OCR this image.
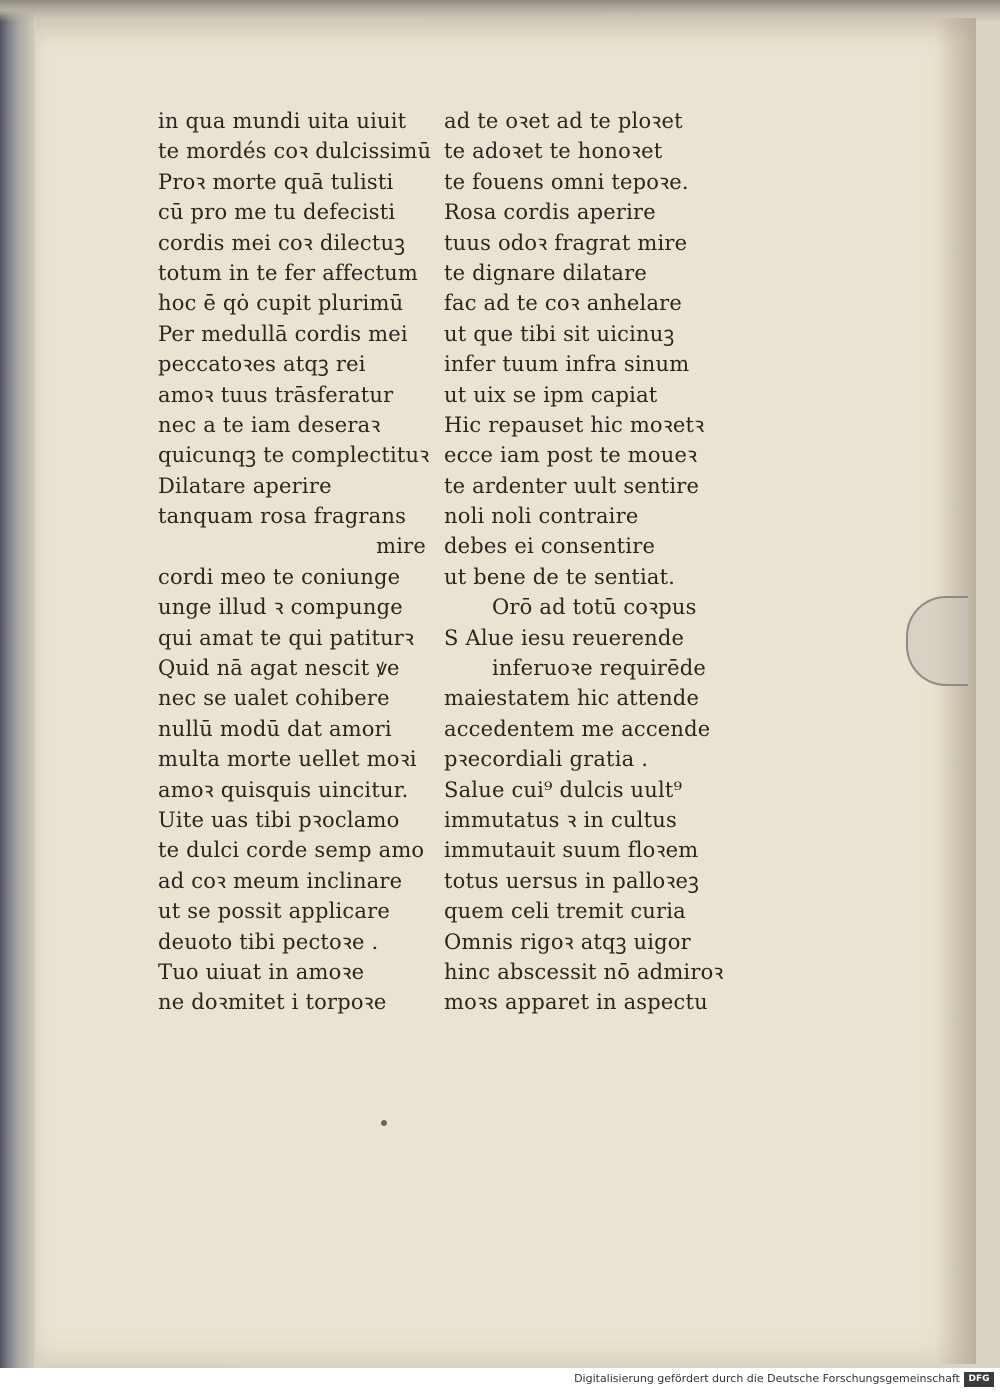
in qua mundi uita uiuit
te mordés coꝛ dulcissimū
Proꝛ morte quā tulisti
cū pro me tu defecisti
cordis mei coꝛ dilectuꝫ
totum in te fer affectum
hoc ē qȯ cupit plurimū
Per medullā cordis mei
peccatoꝛes atqꝫ rei
amoꝛ tuus trāsferatur
nec a te iam deseraꝛ
quicunqꝫ te complectituꝛ
Dilatare aperire
tanquam rosa fragrans
mire
cordi meo te coniunge
unge illud ꝛ compunge
qui amat te qui patiturꝛ
Quid nā agat nescit ꝟe
nec se ualet cohibere
nullū modū dat amori
multa morte uellet moꝛi
amoꝛ quisquis uincitur.
Uite uas tibi pꝛoclamo
te dulci corde semp amo
ad coꝛ meum inclinare
ut se possit applicare
deuoto tibi pectoꝛe .
Tuo uiuat in amoꝛe
ne doꝛmitet i torpoꝛe
ad te oꝛet ad te ploꝛet
te adoꝛet te honoꝛet
te fouens omni tepoꝛe.
Rosa cordis aperire
tuus odoꝛ fragrat mire
te dignare dilatare
fac ad te coꝛ anhelare
ut que tibi sit uicinuꝫ
infer tuum infra sinum
ut uix se ipm capiat
Hic repauset hic moꝛetꝛ
ecce iam post te moueꝛ
te ardenter uult sentire
noli noli contraire
debes ei consentire
ut bene de te sentiat.
Orō ad totū coꝛpus
S Alue iesu reuerende
inferuoꝛe requirēde
maiestatem hic attende
accedentem me accende
pꝛecordiali gratia .
Salue cui⁹ dulcis uult⁹
immutatus ꝛ in cultus
immutauit suum floꝛem
totus uersus in palloꝛeꝫ
quem celi tremit curia
Omnis rigoꝛ atqꝫ uigor
hinc abscessit nō admiroꝛ
moꝛs apparet in aspectu
Digitalisierung gefördert durch die Deutsche Forschungsgemeinschaft DFG
